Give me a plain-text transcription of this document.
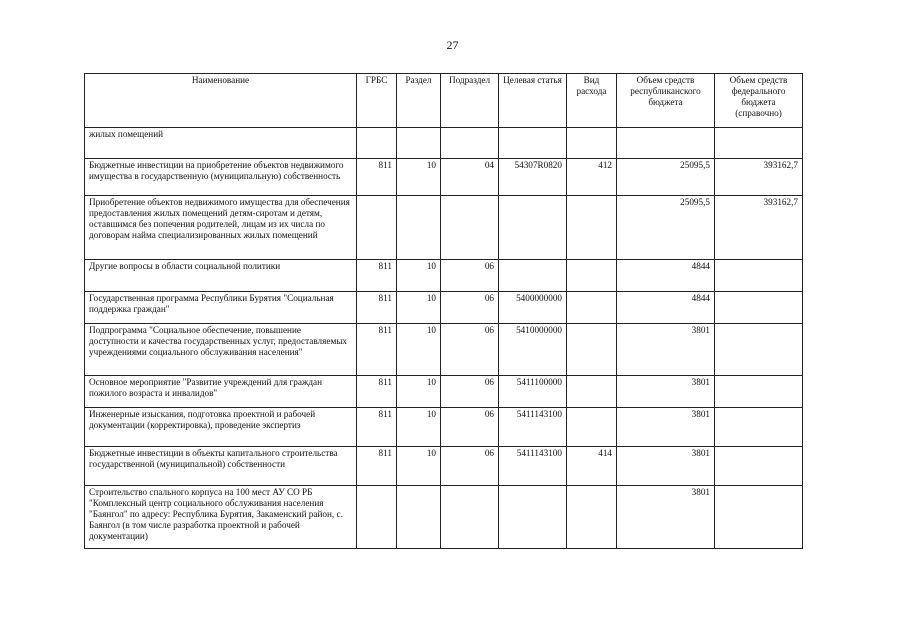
27
Наименование	ГРБС	Раздел	Подраздел	Целевая статья	Вид расхода	Объем средств республиканского бюджета	Объем средств федерального бюджета (справочно)
жилых помещений							
Бюджетные инвестиции на приобретение объектов недвижимого имущества в государственную (муниципальную) собственность	811	10	04	54307R0820	412	25095,5	393162,7
Приобретение объектов недвижимого имущества для обеспечения предоставления жилых помещений детям-сиротам и детям, оставшимся без попечения родителей, лицам из их числа по договорам найма специализированных жилых помещений						25095,5	393162,7
Другие вопросы в области социальной политики	811	10	06			4844	
Государственная программа Республики Бурятия "Социальная поддержка граждан"	811	10	06	5400000000		4844	
Подпрограмма "Социальное обеспечение, повышение доступности и качества государственных услуг, предоставляемых учреждениями социального обслуживания населения"	811	10	06	5410000000		3801	
Основное мероприятие "Развитие учреждений для граждан пожилого возраста и инвалидов"	811	10	06	5411100000		3801	
Инженерные изыскания, подготовка проектной и рабочей документации (корректировка), проведение экспертиз	811	10	06	5411143100		3801	
Бюджетные инвестиции в объекты капитального строительства государственной (муниципальной) собственности	811	10	06	5411143100	414	3801	
Строительство спального корпуса на 100 мест АУ СО РБ "Комплексный центр социального обслуживания населения "Баянгол" по адресу: Республика Бурятия, Закаменский район, с. Баянгол (в том числе разработка проектной и рабочей документации)						3801	
